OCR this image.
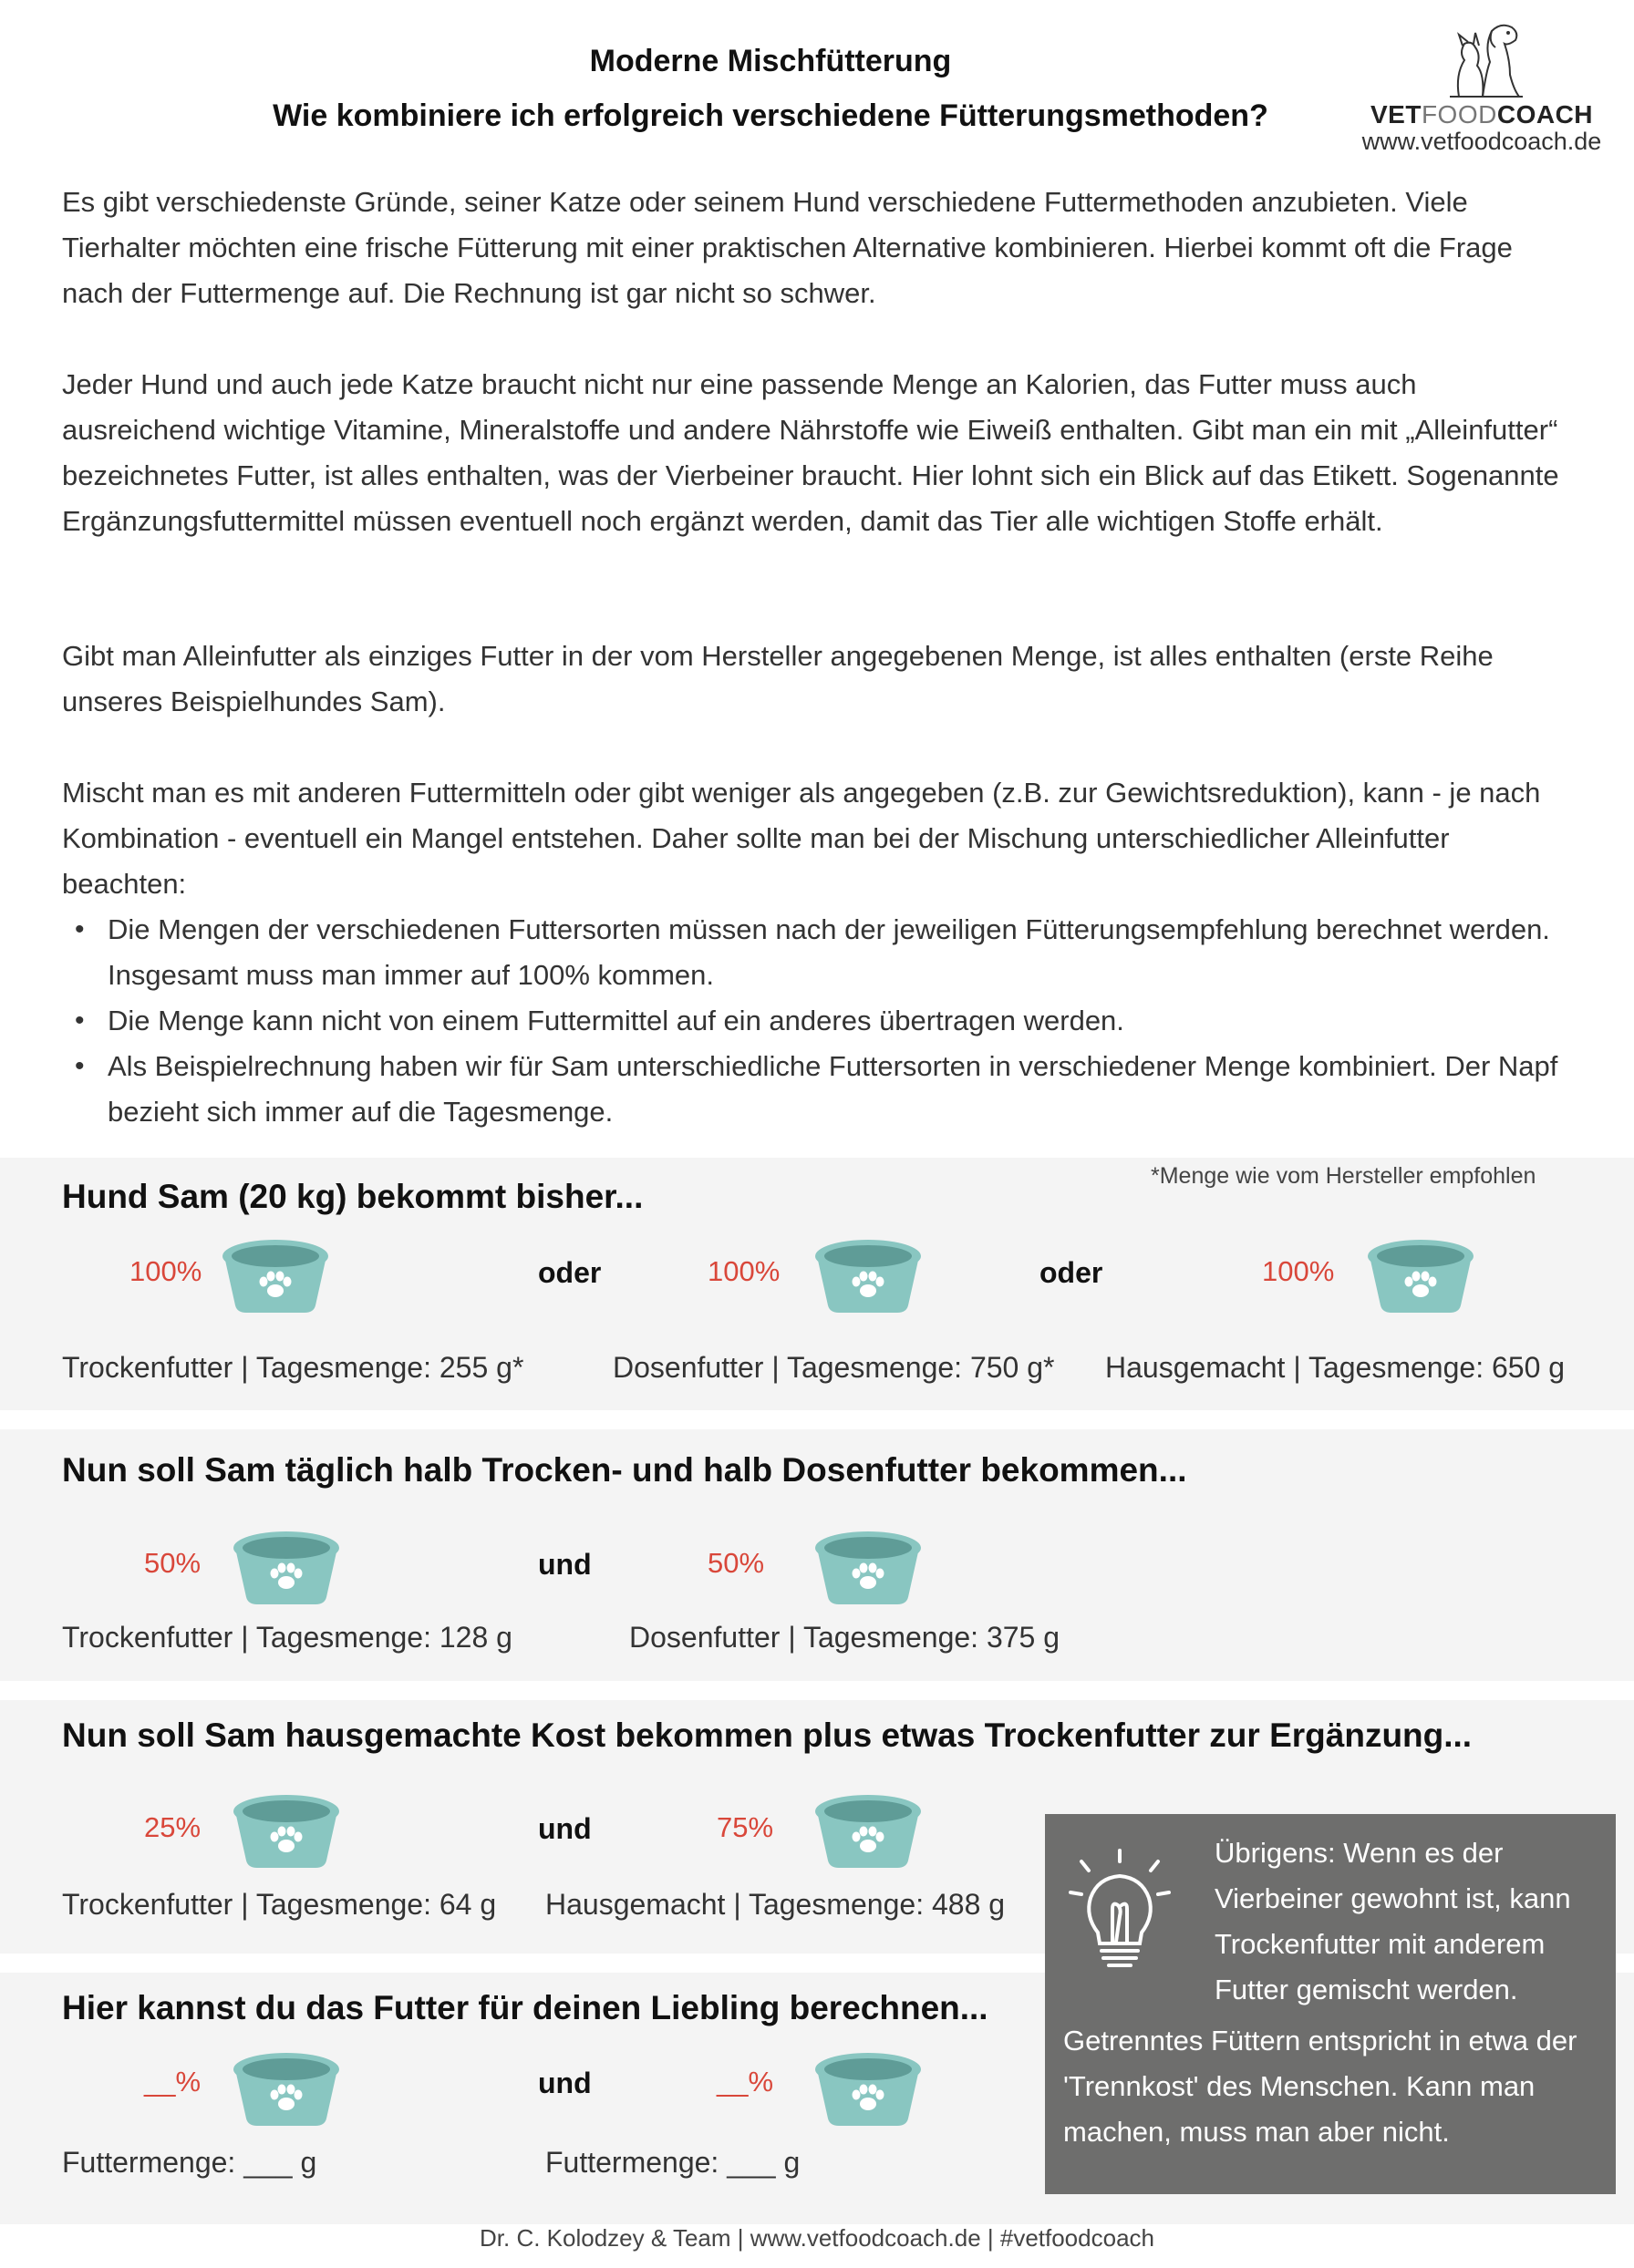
Moderne Mischfütterung
Wie kombiniere ich erfolgreich verschiedene Fütterungsmethoden?	VETFOODCOACH
www.vetfoodcoach.de
Es gibt verschiedenste Gründe, seiner Katze oder seinem Hund verschiedene Futtermethoden anzubieten. Viele Tierhalter möchten eine frische Fütterung mit einer praktischen Alternative kombinieren. Hierbei kommt oft die Frage nach der Futtermenge auf. Die Rechnung ist gar nicht so schwer.
Jeder Hund und auch jede Katze braucht nicht nur eine passende Menge an Kalorien, das Futter muss auch ausreichend wichtige Vitamine, Mineralstoffe und andere Nährstoffe wie Eiweiß enthalten. Gibt man ein mit „Alleinfutter“ bezeichnetes Futter, ist alles enthalten, was der Vierbeiner braucht. Hier lohnt sich ein Blick auf das Etikett. Sogenannte Ergänzungsfuttermittel müssen eventuell noch ergänzt werden, damit das Tier alle wichtigen Stoffe erhält.
Gibt man Alleinfutter als einziges Futter in der vom Hersteller angegebenen Menge, ist alles enthalten (erste Reihe unseres Beispielhundes Sam).
Mischt man es mit anderen Futtermitteln oder gibt weniger als angegeben (z.B. zur Gewichtsreduktion), kann - je nach Kombination - eventuell ein Mangel entstehen. Daher sollte man bei der Mischung unterschiedlicher Alleinfutter beachten:
• Die Mengen der verschiedenen Futtersorten müssen nach der jeweiligen Fütterungsempfehlung berechnet werden. Insgesamt muss man immer auf 100% kommen.
• Die Menge kann nicht von einem Futtermittel auf ein anderes übertragen werden.
• Als Beispielrechnung haben wir für Sam unterschiedliche Futtersorten in verschiedener Menge kombiniert. Der Napf bezieht sich immer auf die Tagesmenge.
Hund Sam (20 kg) bekommt bisher...
*Menge wie vom Hersteller empfohlen
100%	oder	100%	oder	100%
Trockenfutter | Tagesmenge: 255 g*	Dosenfutter | Tagesmenge: 750 g* Hausgemacht | Tagesmenge: 650 g
Nun soll Sam täglich halb Trocken- und halb Dosenfutter bekommen...
50%	und	50%
Trockenfutter | Tagesmenge: 128 g	Dosenfutter | Tagesmenge: 375 g
Nun soll Sam hausgemachte Kost bekommen plus etwas Trockenfutter zur Ergänzung...
25%	und	75%
Trockenfutter | Tagesmenge: 64 g Hausgemacht | Tagesmenge: 488 g
Hier kannst du das Futter für deinen Liebling berechnen...
__%	und	__%
Futtermenge: ___ g	Futtermenge: ___ g
Übrigens: Wenn es der
Vierbeiner gewohnt ist, kann
Trockenfutter mit anderem
Futter gemischt werden.
Getrenntes Füttern entspricht in etwa der
'Trennkost' des Menschen. Kann man
machen, muss man aber nicht.
Dr. C. Kolodzey & Team | www.vetfoodcoach.de | #vetfoodcoach
